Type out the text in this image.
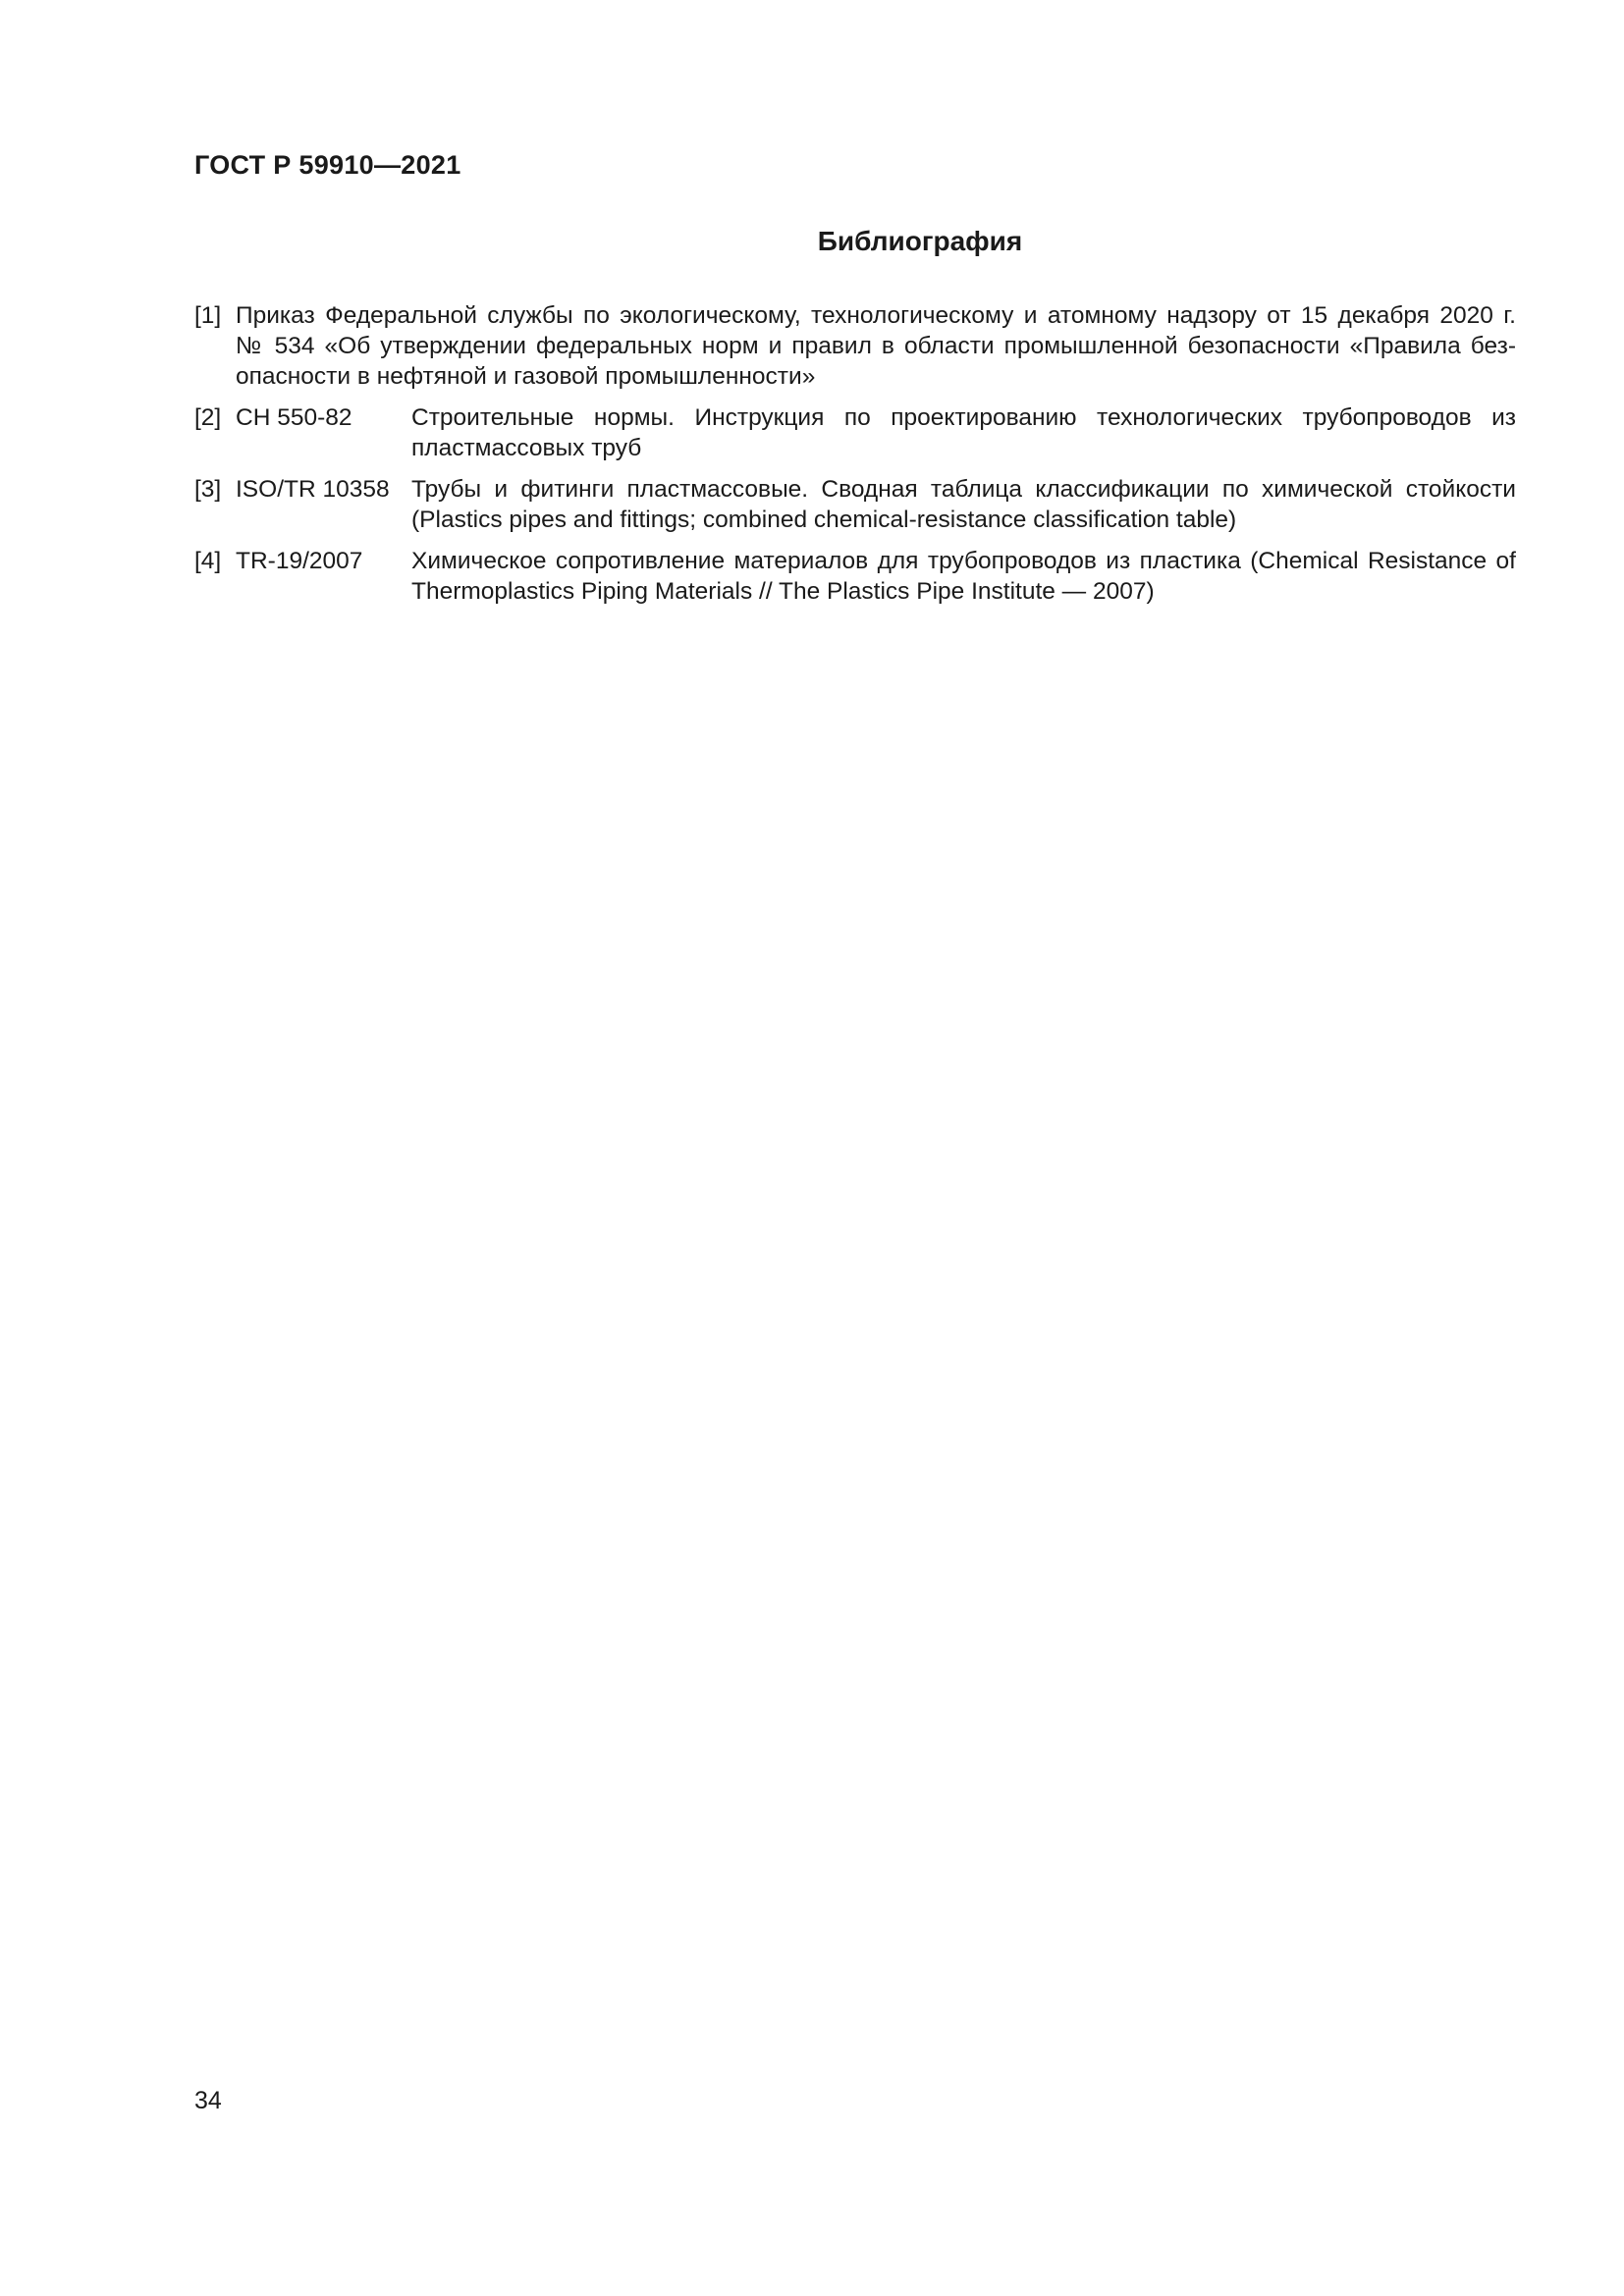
ГОСТ Р 59910—2021
Библиография
[1] Приказ Федеральной службы по экологическому, технологическому и атомному надзору от 15 декабря 2020 г.
№ 534 «Об утверждении федеральных норм и правил в области промышленной безопасности «Правила без-
опасности в нефтяной и газовой промышленности»
[2] СН 550-82 Строительные нормы. Инструкция по проектированию технологических трубопроводов из
пластмассовых труб
[3] ISO/TR 10358 Трубы и фитинги пластмассовые. Сводная таблица классификации по химической стойкости
(Plastics pipes and fittings; combined chemical-resistance classification table)
[4] TR-19/2007 Химическое сопротивление материалов для трубопроводов из пластика (Chemical Resistance of
Thermoplastics Piping Materials // The Plastics Pipe Institute — 2007)
34
